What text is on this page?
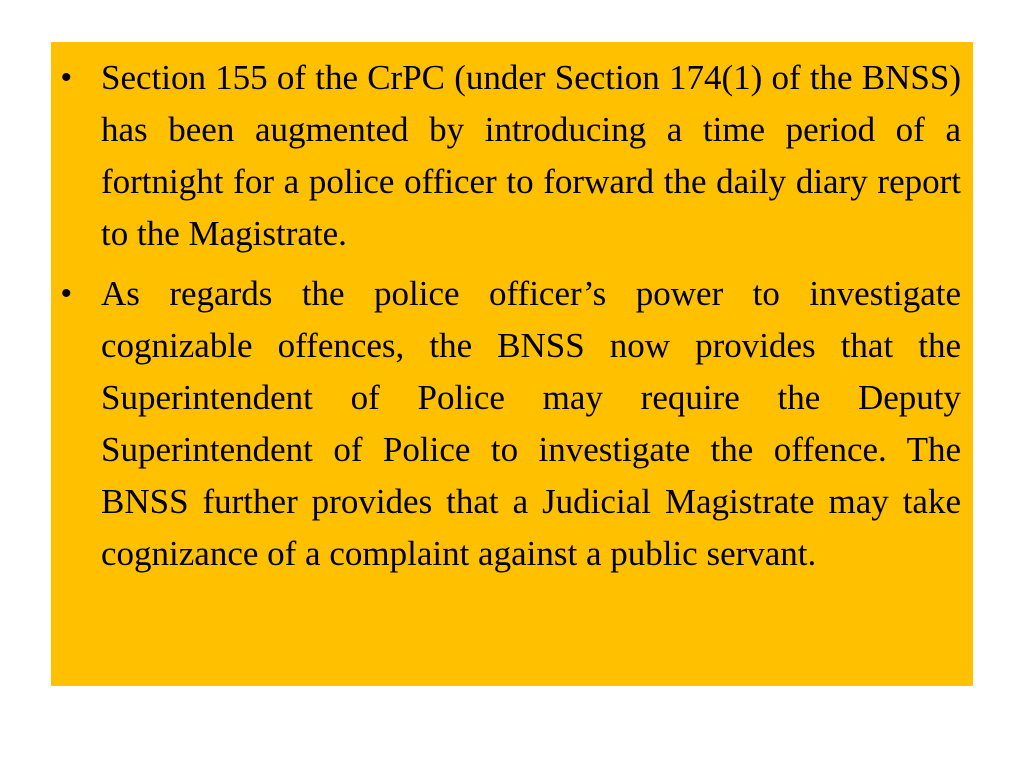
• Section 155 of the CrPC (under Section 174(1) of the BNSS) has been augmented by introducing a time period of a fortnight for a police officer to forward the daily diary report to the Magistrate.
• As regards the police officer’s power to investigate cognizable offences, the BNSS now provides that the Superintendent of Police may require the Deputy Superintendent of Police to investigate the offence. The BNSS further provides that a Judicial Magistrate may take cognizance of a complaint against a public servant.
